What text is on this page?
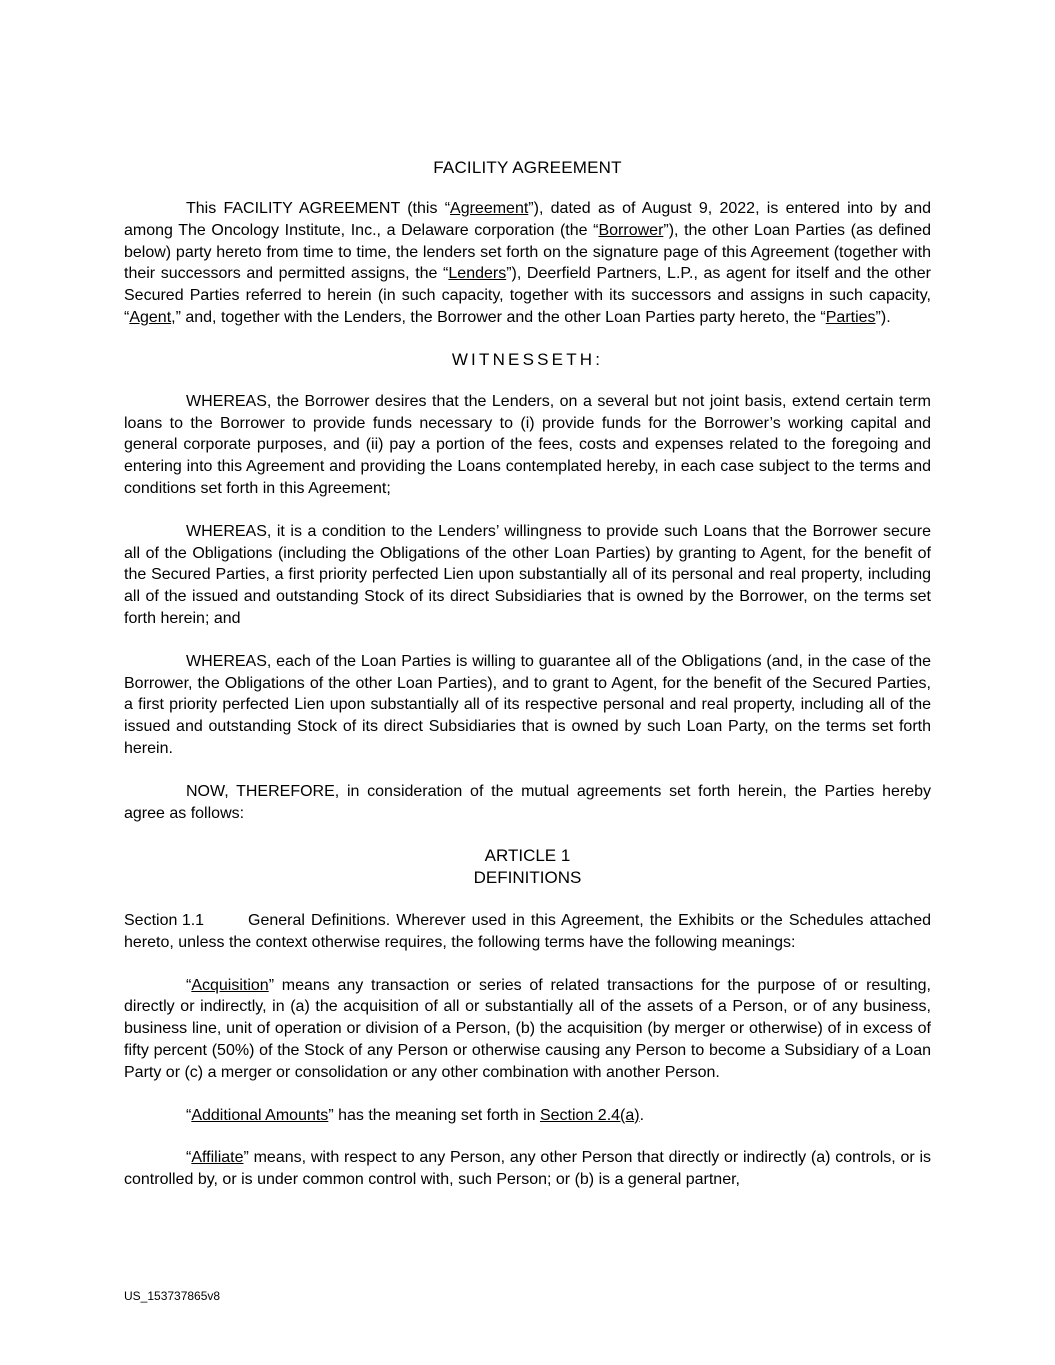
FACILITY AGREEMENT

This FACILITY AGREEMENT (this “Agreement”), dated as of August 9, 2022, is entered into by and among The Oncology Institute, Inc., a Delaware corporation (the “Borrower”), the other Loan Parties (as defined below) party hereto from time to time, the lenders set forth on the signature page of this Agreement (together with their successors and permitted assigns, the “Lenders”), Deerfield Partners, L.P., as agent for itself and the other Secured Parties referred to herein (in such capacity, together with its successors and assigns in such capacity, “Agent,” and, together with the Lenders, the Borrower and the other Loan Parties party hereto, the “Parties”).

WITNESSETH:

WHEREAS, the Borrower desires that the Lenders, on a several but not joint basis, extend certain term loans to the Borrower to provide funds necessary to (i) provide funds for the Borrower’s working capital and general corporate purposes, and (ii) pay a portion of the fees, costs and expenses related to the foregoing and entering into this Agreement and providing the Loans contemplated hereby, in each case subject to the terms and conditions set forth in this Agreement;

WHEREAS, it is a condition to the Lenders’ willingness to provide such Loans that the Borrower secure all of the Obligations (including the Obligations of the other Loan Parties) by granting to Agent, for the benefit of the Secured Parties, a first priority perfected Lien upon substantially all of its personal and real property, including all of the issued and outstanding Stock of its direct Subsidiaries that is owned by the Borrower, on the terms set forth herein; and

WHEREAS, each of the Loan Parties is willing to guarantee all of the Obligations (and, in the case of the Borrower, the Obligations of the other Loan Parties), and to grant to Agent, for the benefit of the Secured Parties, a first priority perfected Lien upon substantially all of its respective personal and real property, including all of the issued and outstanding Stock of its direct Subsidiaries that is owned by such Loan Party, on the terms set forth herein.

NOW, THEREFORE, in consideration of the mutual agreements set forth herein, the Parties hereby agree as follows:

ARTICLE 1
DEFINITIONS

Section 1.1	General Definitions. Wherever used in this Agreement, the Exhibits or the Schedules attached hereto, unless the context otherwise requires, the following terms have the following meanings:

“Acquisition” means any transaction or series of related transactions for the purpose of or resulting, directly or indirectly, in (a) the acquisition of all or substantially all of the assets of a Person, or of any business, business line, unit of operation or division of a Person, (b) the acquisition (by merger or otherwise) of in excess of fifty percent (50%) of the Stock of any Person or otherwise causing any Person to become a Subsidiary of a Loan Party or (c) a merger or consolidation or any other combination with another Person.

“Additional Amounts” has the meaning set forth in Section 2.4(a).

“Affiliate” means, with respect to any Person, any other Person that directly or indirectly (a) controls, or is controlled by, or is under common control with, such Person; or (b) is a general partner,

US_153737865v8
